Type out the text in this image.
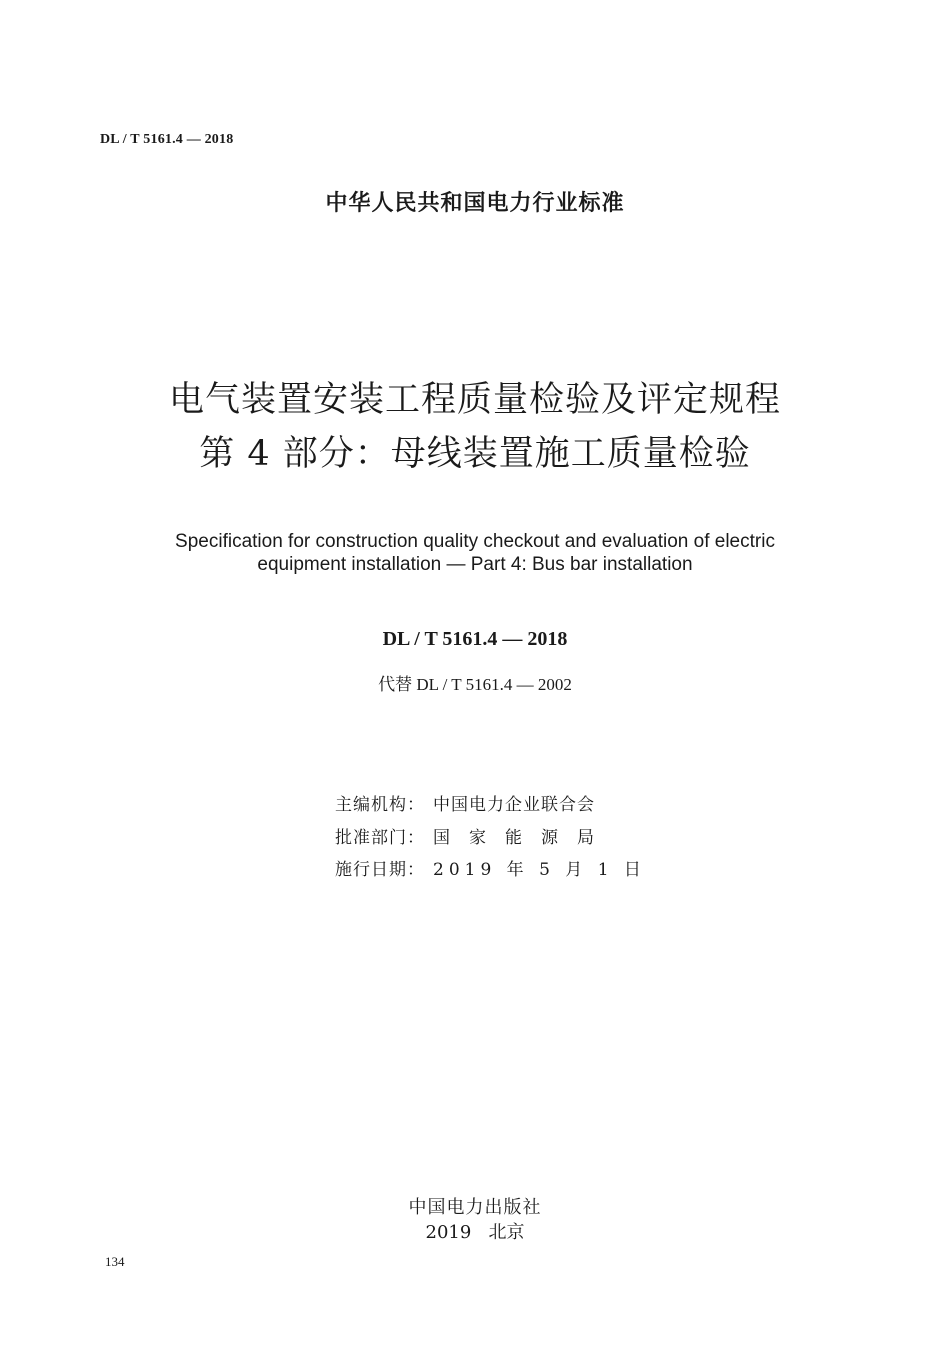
DL / T 5161.4 — 2018
中华人民共和国电力行业标准
电气装置安装工程质量检验及评定规程
第 4 部分：母线装置施工质量检验
Specification for construction quality checkout and evaluation of electric
equipment installation — Part 4: Bus bar installation
DL / T 5161.4 — 2018
代替 DL / T 5161.4 — 2002
主编机构： 中国电力企业联合会
批准部门： 国家能源局
施行日期： 2019 年 5 月 1 日
中国电力出版社
2019   北京
134
